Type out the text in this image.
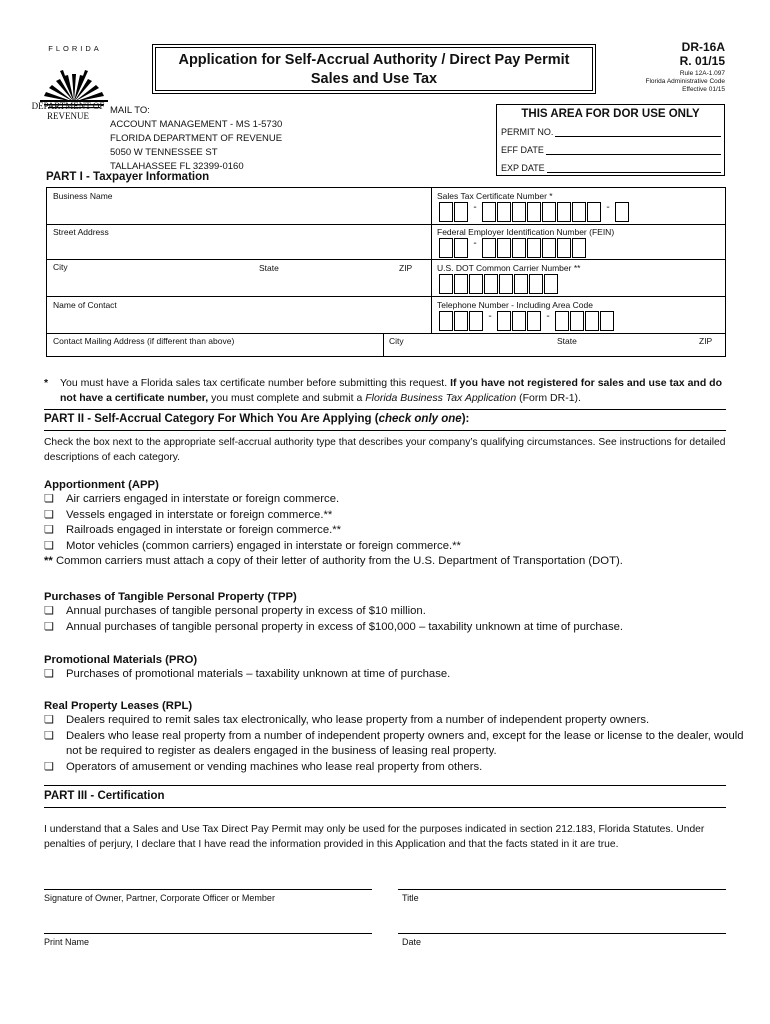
FLORIDA
DEPARTMENT OF REVENUE
Application for Self-Accrual Authority / Direct Pay Permit
Sales and Use Tax
DR-16A
R. 01/15
Rule 12A-1.097
Florida Administrative Code
Effective 01/15
MAIL TO:
ACCOUNT MANAGEMENT - MS 1-5730
FLORIDA DEPARTMENT OF REVENUE
5050 W TENNESSEE ST
TALLAHASSEE FL 32399-0160
THIS AREA FOR DOR USE ONLY
PERMIT NO.
EFF DATE
EXP DATE
PART I - Taxpayer Information
Business Name	Sales Tax Certificate Number *
-	-
Street Address	Federal Employer Identification Number (FEIN)
-
City	State	ZIP	U.S. DOT Common Carrier Number **
Name of Contact	Telephone Number - Including Area Code
-	-
Contact Mailing Address (if different than above)	City	State	ZIP
*	You must have a Florida sales tax certificate number before submitting this request. If you have not registered for sales and use tax and do not have a certificate number, you must complete and submit a Florida Business Tax Application (Form DR-1).
PART II - Self-Accrual Category For Which You Are Applying (check only one):
Check the box next to the appropriate self-accrual authority type that describes your company’s qualifying circumstances. See instructions for detailed descriptions of each category.
Apportionment (APP)
❏	Air carriers engaged in interstate or foreign commerce.
❏	Vessels engaged in interstate or foreign commerce.**
❏	Railroads engaged in interstate or foreign commerce.**
❏	Motor vehicles (common carriers) engaged in interstate or foreign commerce.**
** Common carriers must attach a copy of their letter of authority from the U.S. Department of Transportation (DOT).
Purchases of Tangible Personal Property (TPP)
❏	Annual purchases of tangible personal property in excess of $10 million.
❏	Annual purchases of tangible personal property in excess of $100,000 – taxability unknown at time of purchase.
Promotional Materials (PRO)
❏	Purchases of promotional materials – taxability unknown at time of purchase.
Real Property Leases (RPL)
❏	Dealers required to remit sales tax electronically, who lease property from a number of independent property owners.
❏	Dealers who lease real property from a number of independent property owners and, except for the lease or license to the dealer, would not be required to register as dealers engaged in the business of leasing real property.
❏	Operators of amusement or vending machines who lease real property from others.
PART III - Certification
I understand that a Sales and Use Tax Direct Pay Permit may only be used for the purposes indicated in section 212.183, Florida Statutes. Under penalties of perjury, I declare that I have read the information provided in this Application and that the facts stated in it are true.
Signature of Owner, Partner, Corporate Officer or Member	Title
Print Name	Date
